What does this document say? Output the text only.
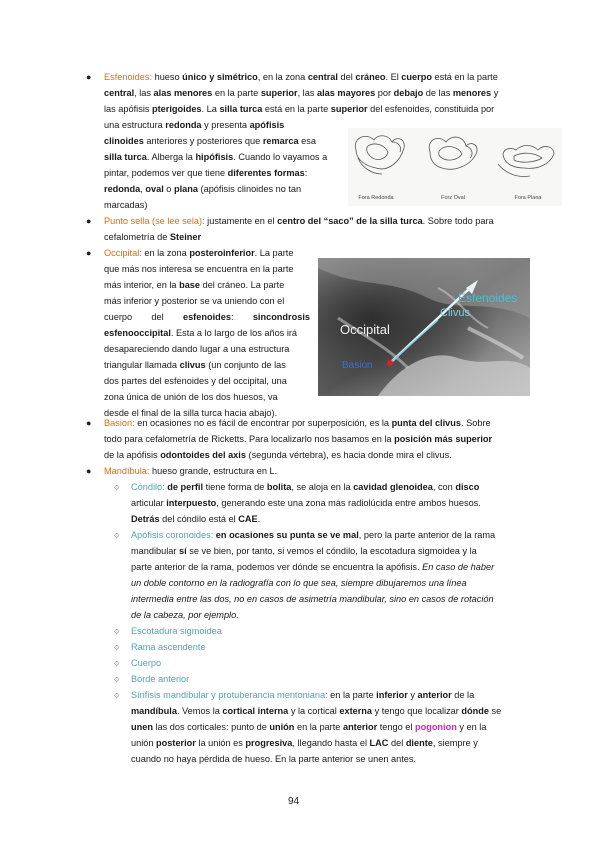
● Esfenoides: hueso único y simétrico, en la zona central del cráneo. El cuerpo está en la parte
central, las alas menores en la parte superior, las alas mayores por debajo de las menores y
las apófisis pterigoides. La silla turca está en la parte superior del esfenoides, constituida por
una estructura redonda y presenta apófisis
clinoides anteriores y posteriores que remarca esa
silla turca. Alberga la hipófisis. Cuando lo vayamos a
pintar, podemos ver que tiene diferentes formas:
redonda, oval o plana (apófisis clinoides no tan
marcadas)
Fora Redonda	Forz Oval	Fora Plana
● Punto sella (se lee sela): justamente en el centro del “saco” de la silla turca. Sobre todo para
cefalometría de Steiner
● Occipital: en la zona posteroinferior. La parte
que más nos interesa se encuentra en la parte
más interior, en la base del cráneo. La parte
más inferior y posterior se va uniendo con el
cuerpo del esfenoides: sincondrosis
esfenooccipital. Esta a lo largo de los años irá
desapareciendo dando lugar a una estructura
triangular llamada clivus (un conjunto de las
dos partes del esfenoides y del occipital, una
zona única de unión de los dos huesos, va
desde el final de la silla turca hacia abajo).
Esfenoides
Clivus
Occipital
Basion
● Basion: en ocasiones no es fácil de encontrar por superposición, es la punta del clivus. Sobre
todo para cefalometría de Ricketts. Para localizarlo nos basamos en la posición más superior
de la apófisis odontoides del axis (segunda vértebra), es hacia donde mira el clivus.
● Mandíbula: hueso grande, estructura en L.
○ Cóndilo: de perfil tiene forma de bolita, se aloja en la cavidad glenoidea, con disco
articular interpuesto, generando este una zona más radiolúcida entre ambos huesos.
Detrás del cóndilo está el CAE.
○ Apófisis coronoides: en ocasiones su punta se ve mal, pero la parte anterior de la rama
mandibular sí se ve bien, por tanto, si vemos el cóndilo, la escotadura sigmoidea y la
parte anterior de la rama, podemos ver dónde se encuentra la apófisis. En caso de haber
un doble contorno en la radiografía con lo que sea, siempre dibujaremos una línea
intermedia entre las dos, no en casos de asimetría mandibular, sino en casos de rotación
de la cabeza, por ejemplo.
○ Escotadura sigmoidea
○ Rama ascendente
○ Cuerpo
○ Borde anterior
○ Sínfisis mandibular y protuberancia mentoniana: en la parte inferior y anterior de la
mandíbula. Vemos la cortical interna y la cortical externa y tengo que localizar dónde se
unen las dos corticales: punto de unión en la parte anterior tengo el pogonion y en la
unión posterior la unión es progresiva, llegando hasta el LAC del diente, siempre y
cuando no haya pérdida de hueso. En la parte anterior se unen antes.
94
